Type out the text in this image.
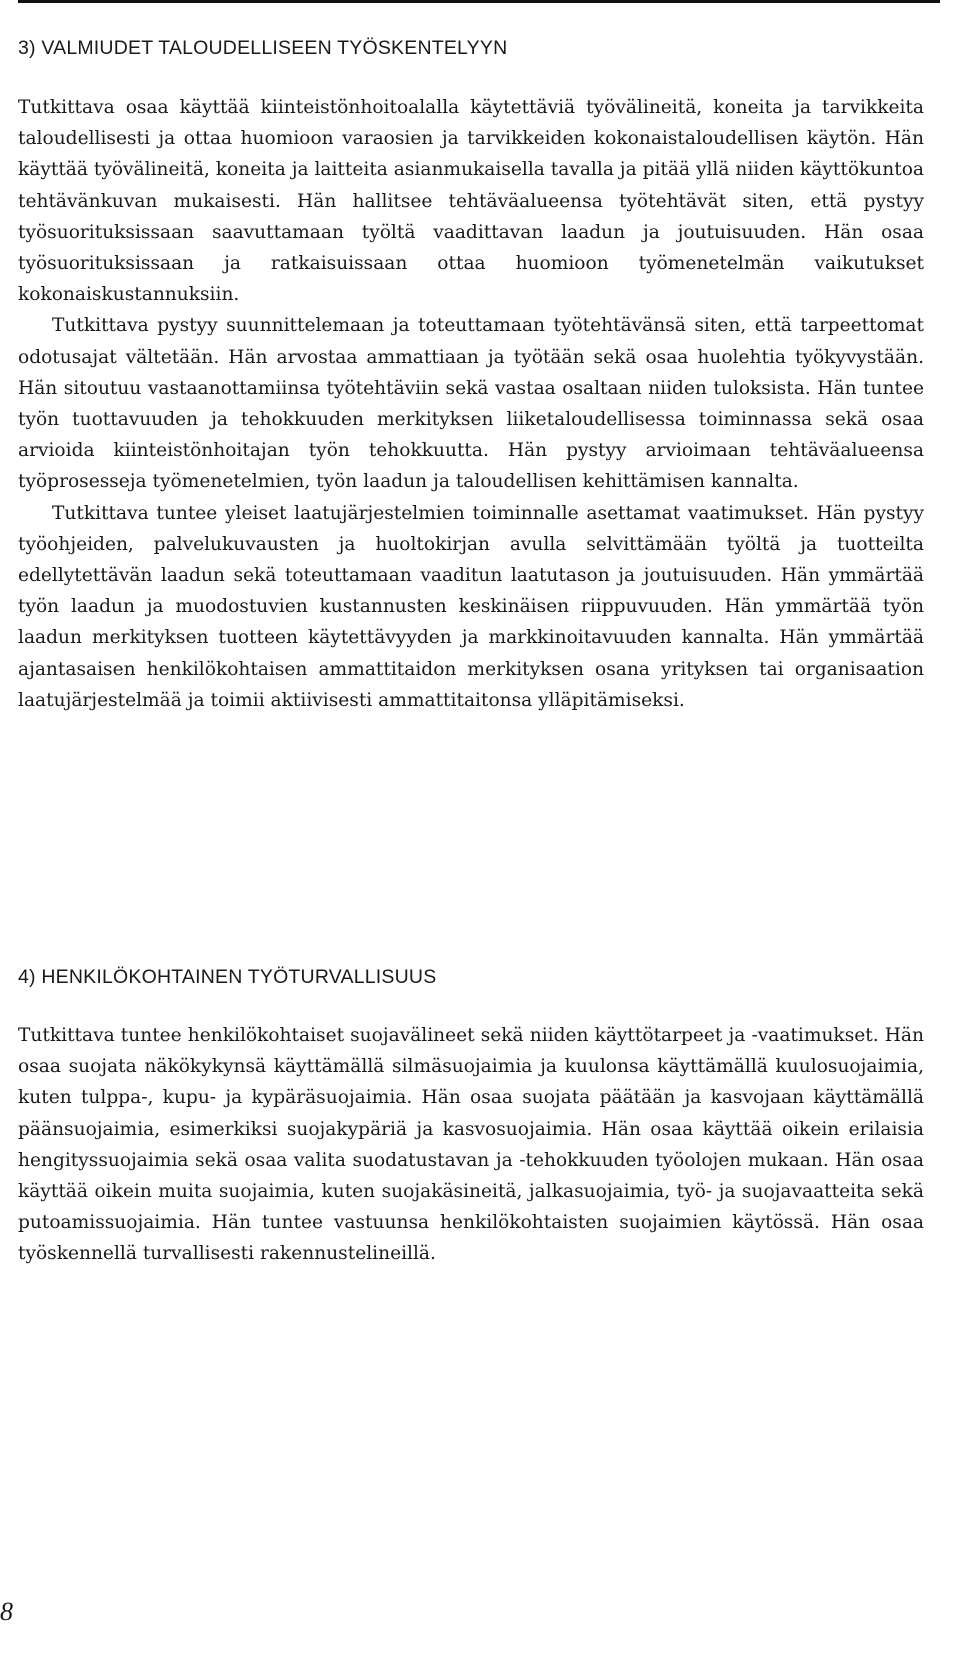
3) VALMIUDET TALOUDELLISEEN TYÖSKENTELYYN

Tutkittava osaa käyttää kiinteistönhoitoalalla käytettäviä työvälineitä, koneita ja tarvikkeita taloudellisesti ja ottaa huomioon varaosien ja tarvikkeiden kokonaistaloudellisen käytön. Hän käyttää työvälineitä, koneita ja laitteita asianmukaisella tavalla ja pitää yllä niiden käyttökuntoa tehtävänkuvan mukaisesti. Hän hallitsee tehtäväalueensa työtehtävät siten, että pystyy työsuorituksissaan saavuttamaan työltä vaadittavan laadun ja joutuisuuden. Hän osaa työsuorituksissaan ja ratkaisuissaan ottaa huomioon työmenetelmän vaikutukset kokonaiskustannuksiin.

Tutkittava pystyy suunnittelemaan ja toteuttamaan työtehtävänsä siten, että tarpeettomat odotusajat vältetään. Hän arvostaa ammattiaan ja työtään sekä osaa huolehtia työkyvystään. Hän sitoutuu vastaanottamiinsa työtehtäviin sekä vastaa osaltaan niiden tuloksista. Hän tuntee työn tuottavuuden ja tehokkuuden merkityksen liiketaloudellisessa toiminnassa sekä osaa arvioida kiinteistönhoitajan työn tehokkuutta. Hän pystyy arvioimaan tehtäväalueensa työprosesseja työmenetelmien, työn laadun ja taloudellisen kehittämisen kannalta.

Tutkittava tuntee yleiset laatujärjestelmien toiminnalle asettamat vaatimukset. Hän pystyy työohjeiden, palvelukuvausten ja huoltokirjan avulla selvittämään työltä ja tuotteilta edellytettävän laadun sekä toteuttamaan vaaditun laatutason ja joutuisuuden. Hän ymmärtää työn laadun ja muodostuvien kustannusten keskinäisen riippuvuuden. Hän ymmärtää työn laadun merkityksen tuotteen käytettävyyden ja markkinoitavuuden kannalta. Hän ymmärtää ajantasaisen henkilökohtaisen ammattitaidon merkityksen osana yrityksen tai organisaation laatujärjestelmää ja toimii aktiivisesti ammattitaitonsa ylläpitämiseksi.

4) HENKILÖKOHTAINEN TYÖTURVALLISUUS

Tutkittava tuntee henkilökohtaiset suojavälineet sekä niiden käyttötarpeet ja -vaatimukset. Hän osaa suojata näkökykynsä käyttämällä silmäsuojaimia ja kuulonsa käyttämällä kuulosuojaimia, kuten tulppa-, kupu- ja kypäräsuojaimia. Hän osaa suojata päätään ja kasvojaan käyttämällä päänsuojaimia, esimerkiksi suojakypäriä ja kasvosuojaimia. Hän osaa käyttää oikein erilaisia hengityssuojaimia sekä osaa valita suodatustavan ja -tehokkuuden työolojen mukaan. Hän osaa käyttää oikein muita suojaimia, kuten suojakäsineitä, jalkasuojaimia, työ- ja suojavaatteita sekä putoamissuojaimia. Hän tuntee vastuunsa henkilökohtaisten suojaimien käytössä. Hän osaa työskennellä turvallisesti rakennustelineillä.

8
